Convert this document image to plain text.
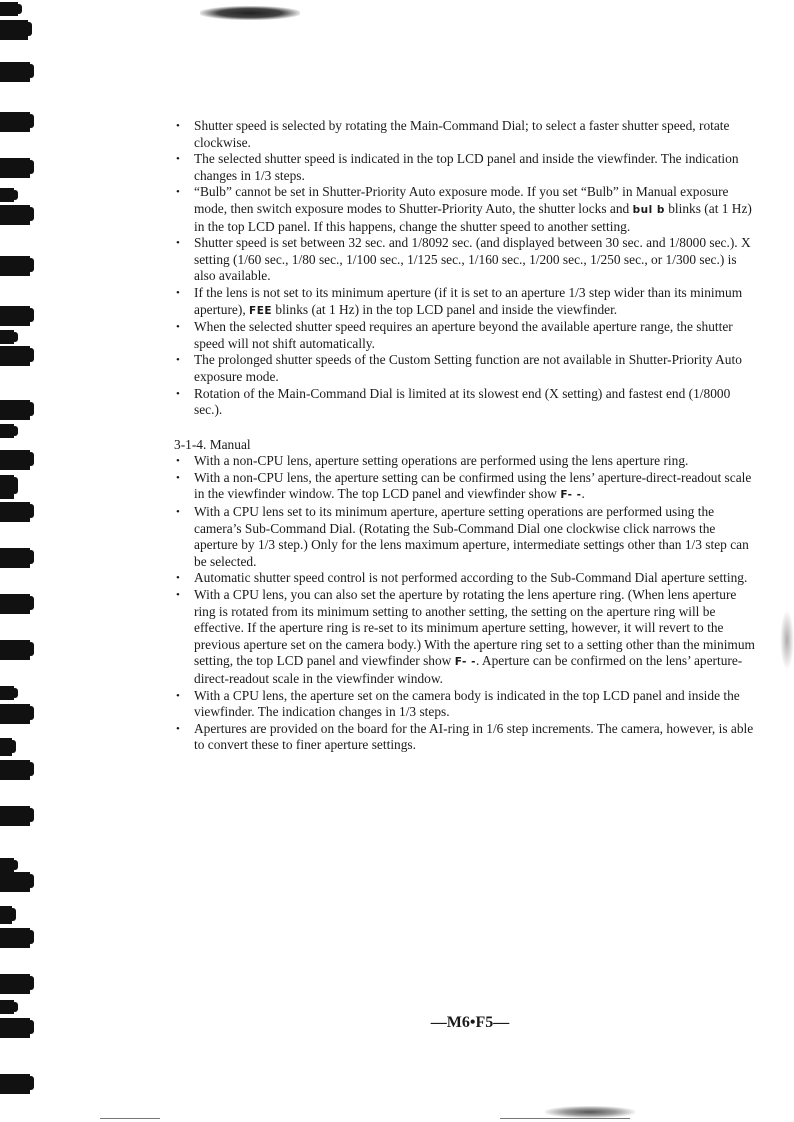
• Shutter speed is selected by rotating the Main-Command Dial; to select a faster shutter speed, rotate clockwise.
• The selected shutter speed is indicated in the top LCD panel and inside the viewfinder. The indication changes in 1/3 steps.
• “Bulb” cannot be set in Shutter-Priority Auto exposure mode. If you set “Bulb” in Manual exposure mode, then switch exposure modes to Shutter-Priority Auto, the shutter locks and bul b blinks (at 1 Hz) in the top LCD panel. If this happens, change the shutter speed to another setting.
• Shutter speed is set between 32 sec. and 1/8092 sec. (and displayed between 30 sec. and 1/8000 sec.). X setting (1/60 sec., 1/80 sec., 1/100 sec., 1/125 sec., 1/160 sec., 1/200 sec., 1/250 sec., or 1/300 sec.) is also available.
• If the lens is not set to its minimum aperture (if it is set to an aperture 1/3 step wider than its minimum aperture), FEE blinks (at 1 Hz) in the top LCD panel and inside the viewfinder.
• When the selected shutter speed requires an aperture beyond the available aperture range, the shutter speed will not shift automatically.
• The prolonged shutter speeds of the Custom Setting function are not available in Shutter-Priority Auto exposure mode.
• Rotation of the Main-Command Dial is limited at its slowest end (X setting) and fastest end (1/8000 sec.).
3-1-4. Manual
• With a non-CPU lens, aperture setting operations are performed using the lens aperture ring.
• With a non-CPU lens, the aperture setting can be confirmed using the lens’ aperture-direct-readout scale in the viewfinder window. The top LCD panel and viewfinder show F- -.
• With a CPU lens set to its minimum aperture, aperture setting operations are performed using the camera’s Sub-Command Dial. (Rotating the Sub-Command Dial one clockwise click narrows the aperture by 1/3 step.) Only for the lens maximum aperture, intermediate settings other than 1/3 step can be selected.
• Automatic shutter speed control is not performed according to the Sub-Command Dial aperture setting.
• With a CPU lens, you can also set the aperture by rotating the lens aperture ring. (When lens aperture ring is rotated from its minimum setting to another setting, the setting on the aperture ring will be effective. If the aperture ring is re-set to its minimum aperture setting, however, it will revert to the previous aperture set on the camera body.) With the aperture ring set to a setting other than the minimum setting, the top LCD panel and viewfinder show F- -. Aperture can be confirmed on the lens’ aperture-direct-readout scale in the viewfinder window.
• With a CPU lens, the aperture set on the camera body is indicated in the top LCD panel and inside the viewfinder. The indication changes in 1/3 steps.
• Apertures are provided on the board for the AI-ring in 1/6 step increments. The camera, however, is able to convert these to finer aperture settings.
—M6•F5—
